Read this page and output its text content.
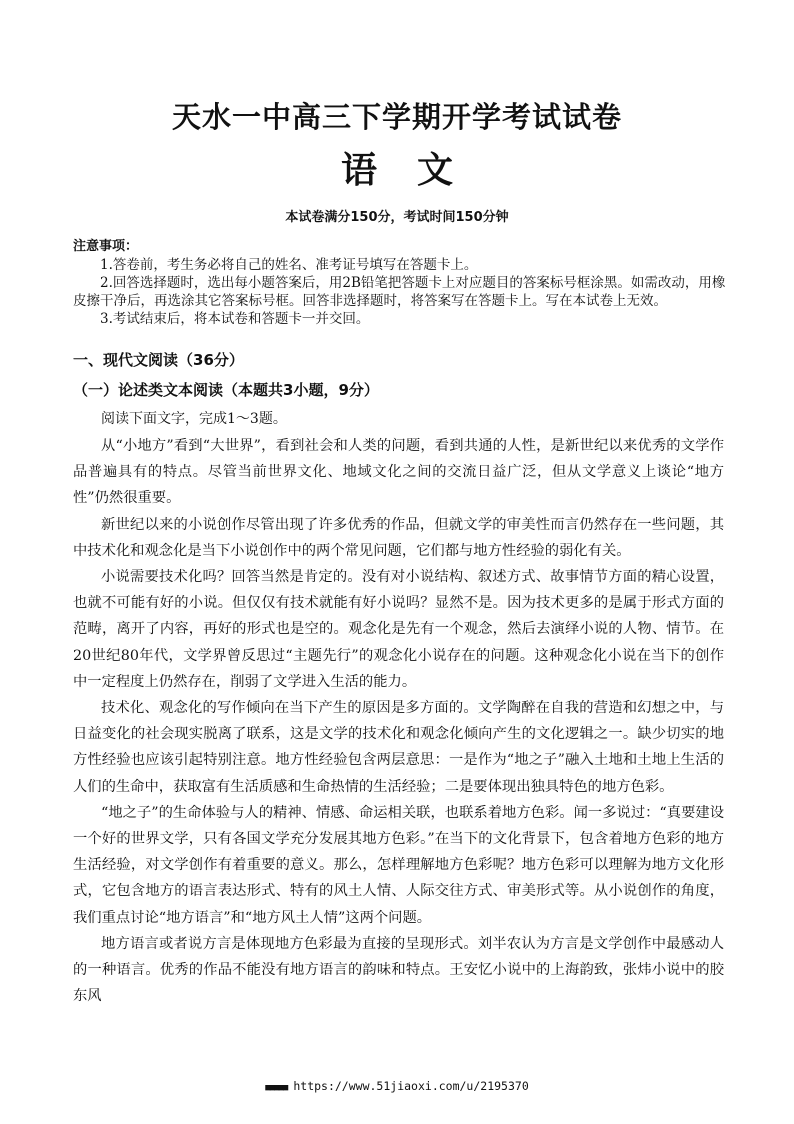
天水一中高三下学期开学考试试卷
语 文
本试卷满分150分，考试时间150分钟
注意事项：
1.答卷前，考生务必将自己的姓名、准考证号填写在答题卡上。
2.回答选择题时，选出每小题答案后，用2B铅笔把答题卡上对应题目的答案标号框涂黑。如需改动，用橡皮擦干净后，再选涂其它答案标号框。回答非选择题时，将答案写在答题卡上。写在本试卷上无效。
3.考试结束后，将本试卷和答题卡一并交回。
一、现代文阅读（36分）
（一）论述类文本阅读（本题共3小题，9分）
阅读下面文字，完成1～3题。

从“小地方”看到“大世界”，看到社会和人类的问题，看到共通的人性，是新世纪以来优秀的文学作品普遍具有的特点。尽管当前世界文化、地域文化之间的交流日益广泛，但从文学意义上谈论“地方性”仍然很重要。

新世纪以来的小说创作尽管出现了许多优秀的作品，但就文学的审美性而言仍然存在一些问题，其中技术化和观念化是当下小说创作中的两个常见问题，它们都与地方性经验的弱化有关。

小说需要技术化吗？回答当然是肯定的。没有对小说结构、叙述方式、故事情节方面的精心设置，也就不可能有好的小说。但仅仅有技术就能有好小说吗？显然不是。因为技术更多的是属于形式方面的范畴，离开了内容，再好的形式也是空的。观念化是先有一个观念，然后去演绎小说的人物、情节。在20世纪80年代，文学界曾反思过“主题先行”的观念化小说存在的问题。这种观念化小说在当下的创作中一定程度上仍然存在，削弱了文学进入生活的能力。

技术化、观念化的写作倾向在当下产生的原因是多方面的。文学陶醉在自我的营造和幻想之中，与日益变化的社会现实脱离了联系，这是文学的技术化和观念化倾向产生的文化逻辑之一。缺少切实的地方性经验也应该引起特别注意。地方性经验包含两层意思：一是作为“地之子”融入土地和土地上生活的人们的生命中，获取富有生活质感和生命热情的生活经验；二是要体现出独具特色的地方色彩。

“地之子”的生命体验与人的精神、情感、命运相关联，也联系着地方色彩。闻一多说过：“真要建设一个好的世界文学，只有各国文学充分发展其地方色彩。”在当下的文化背景下，包含着地方色彩的地方生活经验，对文学创作有着重要的意义。那么，怎样理解地方色彩呢？地方色彩可以理解为地方文化形式，它包含地方的语言表达形式、特有的风土人情、人际交往方式、审美形式等。从小说创作的角度，我们重点讨论“地方语言”和“地方风土人情”这两个问题。

地方语言或者说方言是体现地方色彩最为直接的呈现形式。刘半农认为方言是文学创作中最感动人的一种语言。优秀的作品不能没有地方语言的韵味和特点。王安忆小说中的上海韵致，张炜小说中的胶东风

■■■■■ https://www.51jiaoxi.com/u/2195370
